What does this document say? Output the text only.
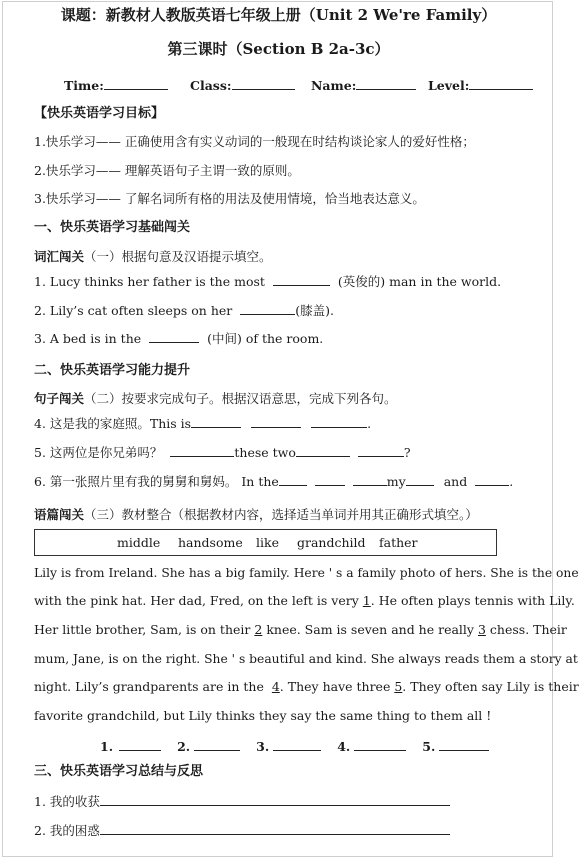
课题：新教材人教版英语七年级上册（Unit 2 We're Family）
第三课时（Section B 2a-3c）
Time:	Class:	Name:	Level:
【快乐英语学习目标】
1.快乐学习—— 正确使用含有实义动词的一般现在时结构谈论家人的爱好性格；
2.快乐学习—— 理解英语句子主谓一致的原则。
3.快乐学习—— 了解名词所有格的用法及使用情境，恰当地表达意义。
一、快乐英语学习基础闯关
词汇闯关（一）根据句意及汉语提示填空。
1. Lucy thinks her father is the most	(英俊的) man in the world.
2. Lily’s cat often sleeps on her	(膝盖).
3. A bed is in the	(中间) of the room.
二、快乐英语学习能力提升
句子闯关（二）按要求完成句子。根据汉语意思，完成下列各句。
4. 这是我的家庭照。This is	.
5. 这两位是你兄弟吗？	these two	?
6. 第一张照片里有我的舅舅和舅妈。 In the	my	and	.
语篇闯关（三）教材整合（根据教材内容，选择适当单词并用其正确形式填空。）
middle handsome like grandchild father
Lily is from Ireland. She has a big family. Here ' s a family photo of hers. She is the one
with the pink hat. Her dad, Fred, on the left is very 1. He often plays tennis with Lily.
Her little brother, Sam, is on their 2 knee. Sam is seven and he really 3 chess. Their
mum, Jane, is on the right. She ' s beautiful and kind. She always reads them a story at
night. Lily’s grandparents are in the 4. They have three 5. They often say Lily is their
favorite grandchild, but Lily thinks they say the same thing to them all !
1.	2.	3.	4.	5.
三、快乐英语学习总结与反思
1. 我的收获
2. 我的困惑
